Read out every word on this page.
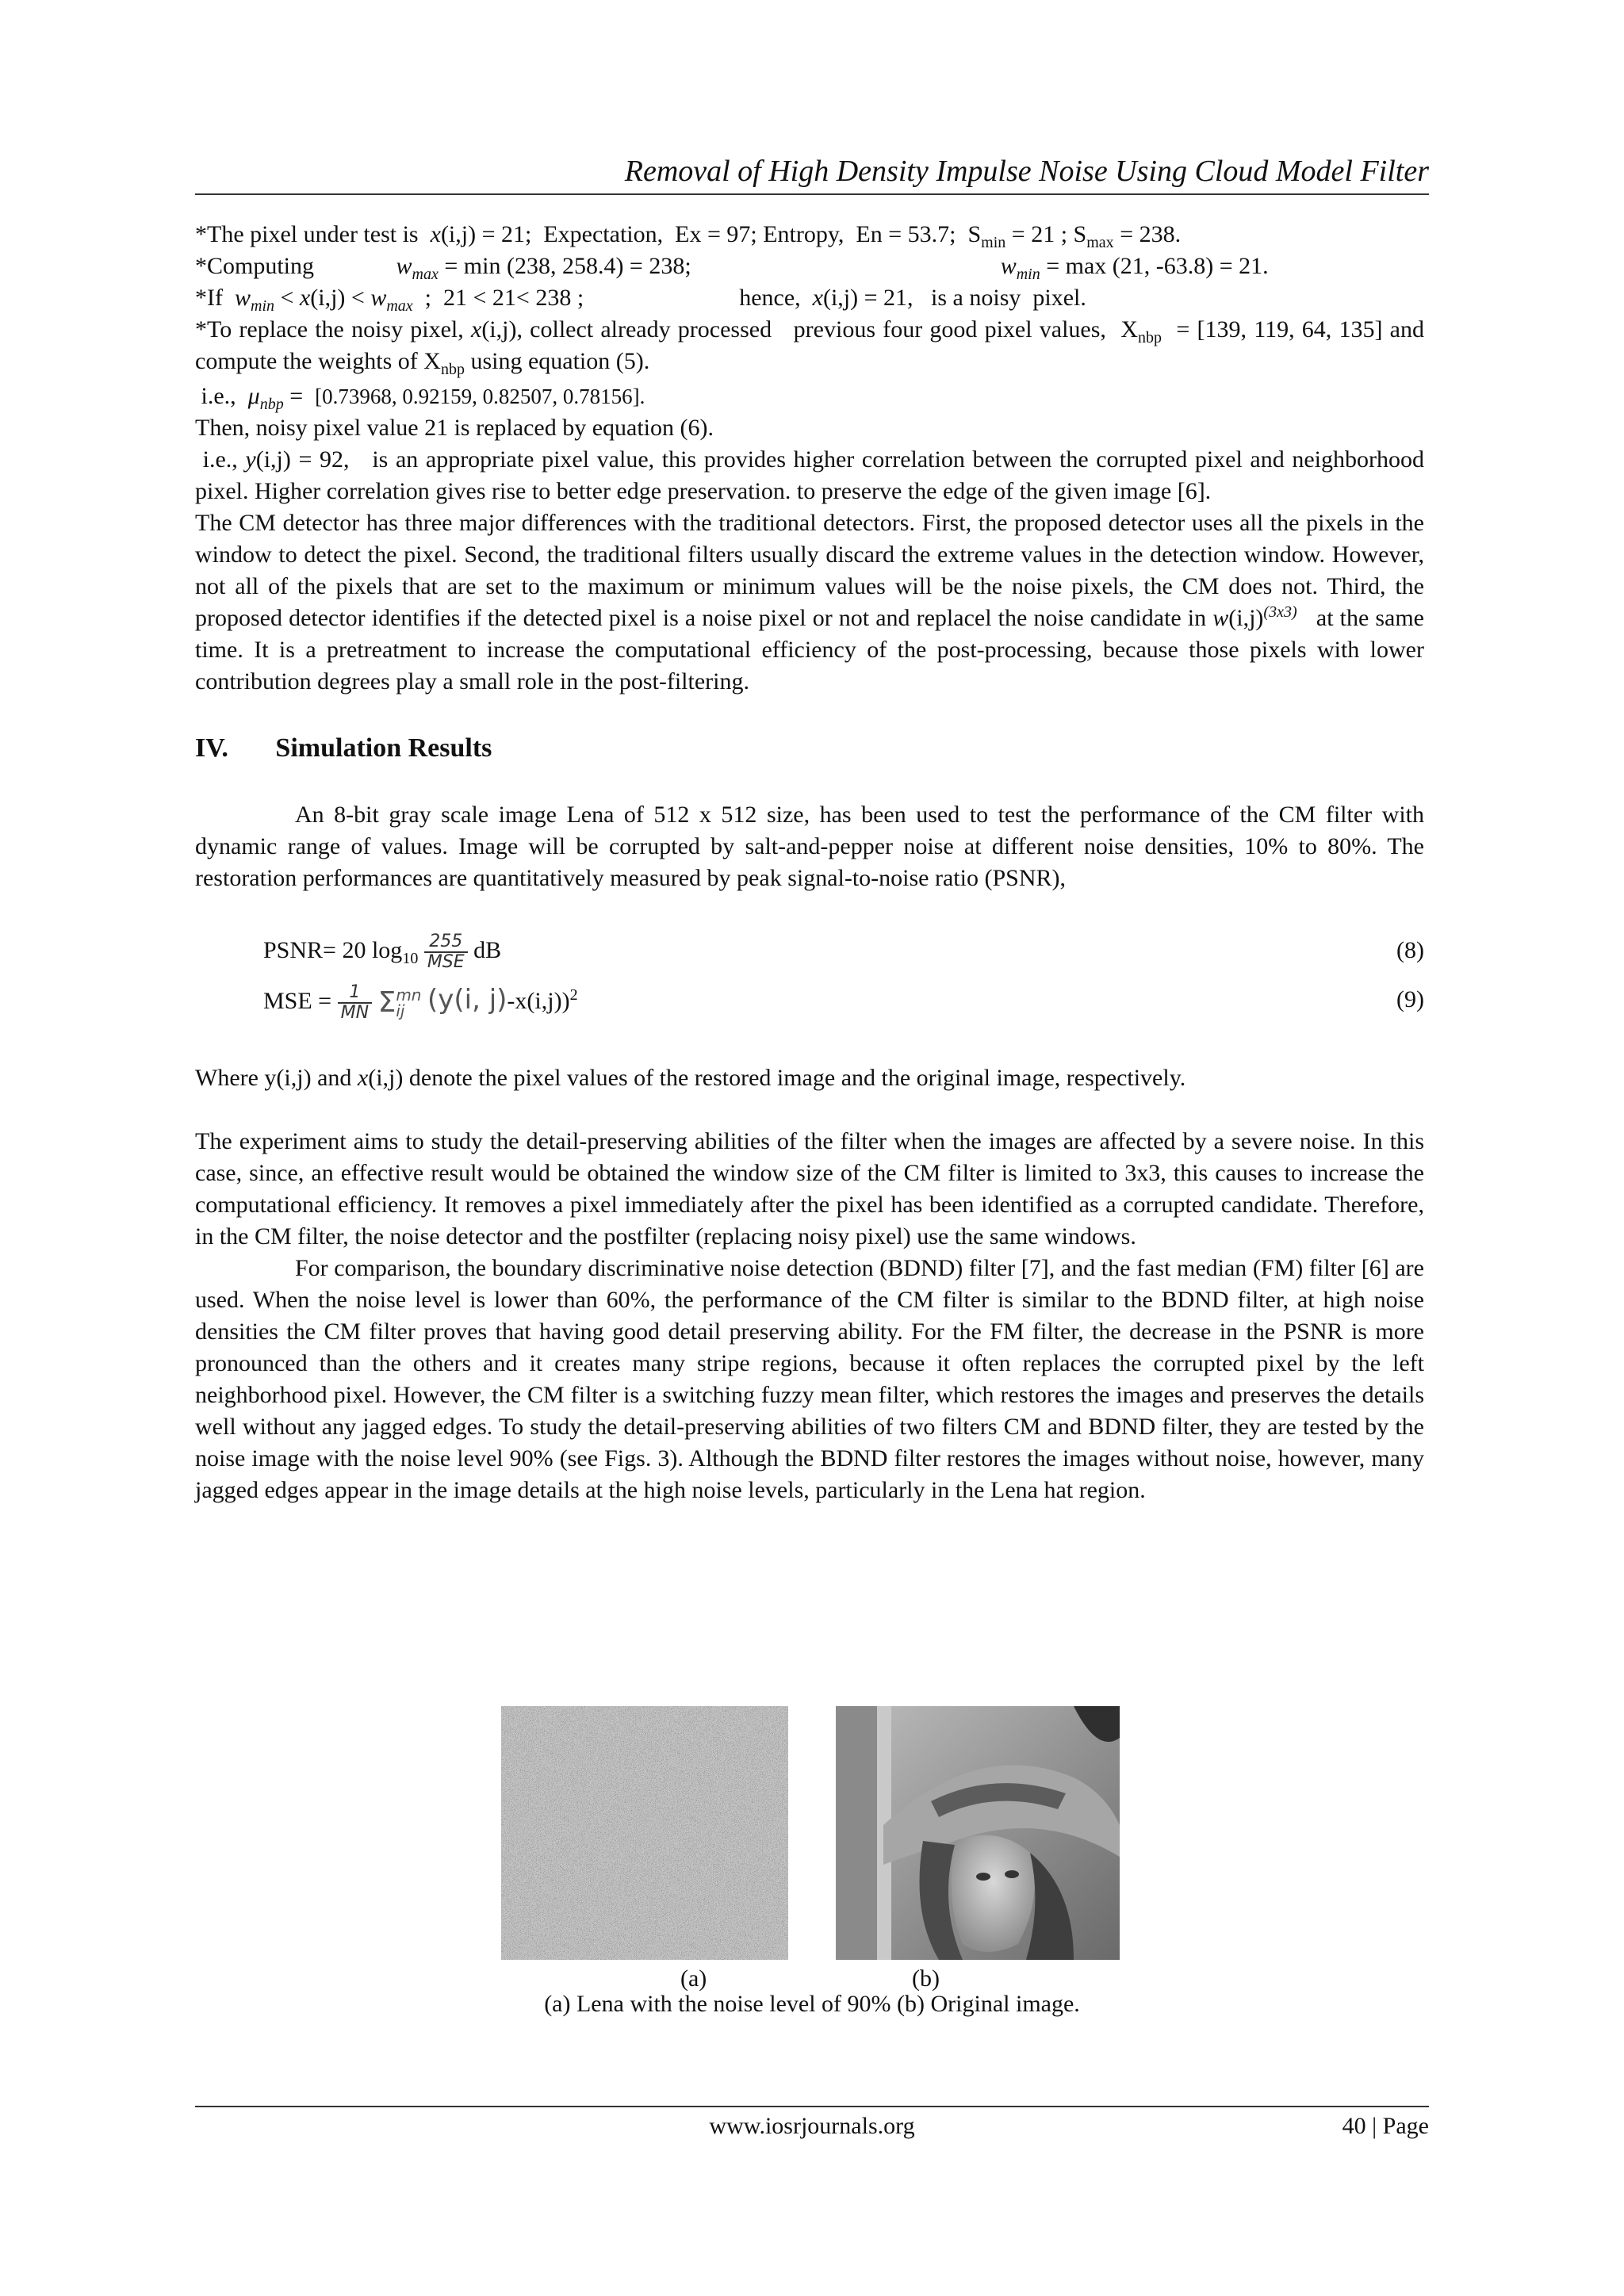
Removal of High Density Impulse Noise Using Cloud Model Filter

*The pixel under test is  x(i,j) = 21;  Expectation,  Ex = 97; Entropy,  En = 53.7;  $S_{min} = 21$ ; $S_{max} = 238$.

*Computing	$w_{max} = \min (238$, 258.4) = 238;	$w_{min} = \max (21$, -63.8) = 21.

*If  $w_{min} < x(i,j) < w_{max}$  ;  21 < 21< 238 ;	hence,  x(i,j) = 21,   is a noisy  pixel.

*To replace the noisy pixel, x(i,j), collect already processed   previous four good pixel values,  $X_{nbp} = [139$, 119, 64, 135] and compute the weights of $X_{nbp}$ using equation (5).

i.e.,  $\mu_{nbp} = [0.73968$, 0.92159, 0.82507, 0.78156].

Then, noisy pixel value 21 is replaced by equation (6).

i.e., y(i,j) = 92,   is an appropriate pixel value, this provides higher correlation between the corrupted pixel and neighborhood pixel. Higher correlation gives rise to better edge preservation. to preserve the edge of the given image [6].

The CM detector has three major differences with the traditional detectors. First, the proposed detector uses all the pixels in the window to detect the pixel. Second, the traditional filters usually discard the extreme values in the detection window. However, not all of the pixels that are set to the maximum or minimum values will be the noise pixels, the CM does not. Third, the proposed detector identifies if the detected pixel is a noise pixel or not and replacel the noise candidate in $w(i,j)^{(3x3)}$   at the same time. It is a pretreatment to increase the computational efficiency of the post-processing, because those pixels with lower contribution degrees play a small role in the post-filtering.

IV. Simulation Results

An 8-bit gray scale image Lena of 512 x 512 size, has been used to test the performance of the CM filter with dynamic range of values. Image will be corrupted by salt-and-pepper noise at different noise densities, 10% to 80%. The restoration performances are quantitatively measured by peak signal-to-noise ratio (PSNR),

PSNR= 20 $\log_{10} \frac{255}{\text{MSE}}$ dB	(8)
MSE = $\frac{1}{MN}$ Σ mn
ij (y(i, j)-x(i,j))$^2$	(9)

Where y(i,j) and x(i,j) denote the pixel values of the restored image and the original image, respectively.

The experiment aims to study the detail-preserving abilities of the filter when the images are affected by a severe noise. In this case, since, an effective result would be obtained the window size of the CM filter is limited to 3x3, this causes to increase the computational efficiency. It removes a pixel immediately after the pixel has been identified as a corrupted candidate. Therefore, in the CM filter, the noise detector and the postfilter (replacing noisy pixel) use the same windows.

For comparison, the boundary discriminative noise detection (BDND) filter [7], and the fast median (FM) filter [6] are used. When the noise level is lower than 60%, the performance of the CM filter is similar to the BDND filter, at high noise densities the CM filter proves that having good detail preserving ability. For the FM filter, the decrease in the PSNR is more pronounced than the others and it creates many stripe regions, because it often replaces the corrupted pixel by the left neighborhood pixel. However, the CM filter is a switching fuzzy mean filter, which restores the images and preserves the details well without any jagged edges. To study the detail-preserving abilities of two filters CM and BDND filter, they are tested by the noise image with the noise level 90% (see Figs. 3). Although the BDND filter restores the images without noise, however, many jagged edges appear in the image details at the high noise levels, particularly in the Lena hat region.

(a)	(b)
(a) Lena with the noise level of 90% (b) Original image.
www.iosrjournals.org	40 | Page
